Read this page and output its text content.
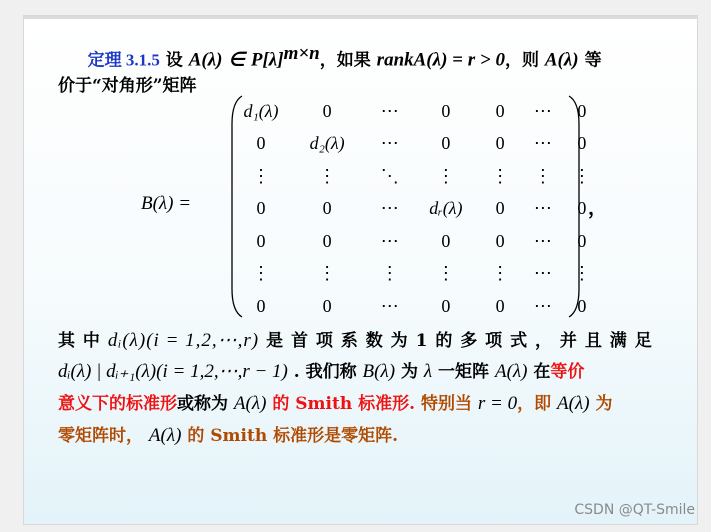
定理 3.1.5 设 A(λ) ∈ $P[\lambda]^{m\times n}$，如果 rankA(λ) = r > 0，则 A(λ) 等
价于“对角形”矩阵
B(λ) =
d₁(λ)	0	⋯	0	0	⋯	0
0	d₂(λ)	⋯	0	0	⋯	0
⋮	⋮	⋱	⋮	⋮	⋮	⋮
0	0	⋯	dᵣ(λ)	0	⋯	0
0	0	⋯	0	0	⋯	0
⋮	⋮	⋮	⋮	⋮	⋯	⋮
0	0	⋯	0	0	⋯	0
，
其 中 dᵢ(λ)(i = 1,2,⋯,r) 是 首 项 系 数 为 1 的 多 项 式 ， 并 且 满 足
dᵢ(λ) | dᵢ₊₁(λ)(i = 1,2,⋯,r − 1) . 我们称 B(λ) 为 λ 一矩阵 A(λ) 在等价
意义下的标准形或称为 A(λ) 的 Smith 标准形. 特别当 r = 0，即 A(λ) 为
零矩阵时， A(λ) 的 Smith 标准形是零矩阵.
CSDN @QT-Smile
